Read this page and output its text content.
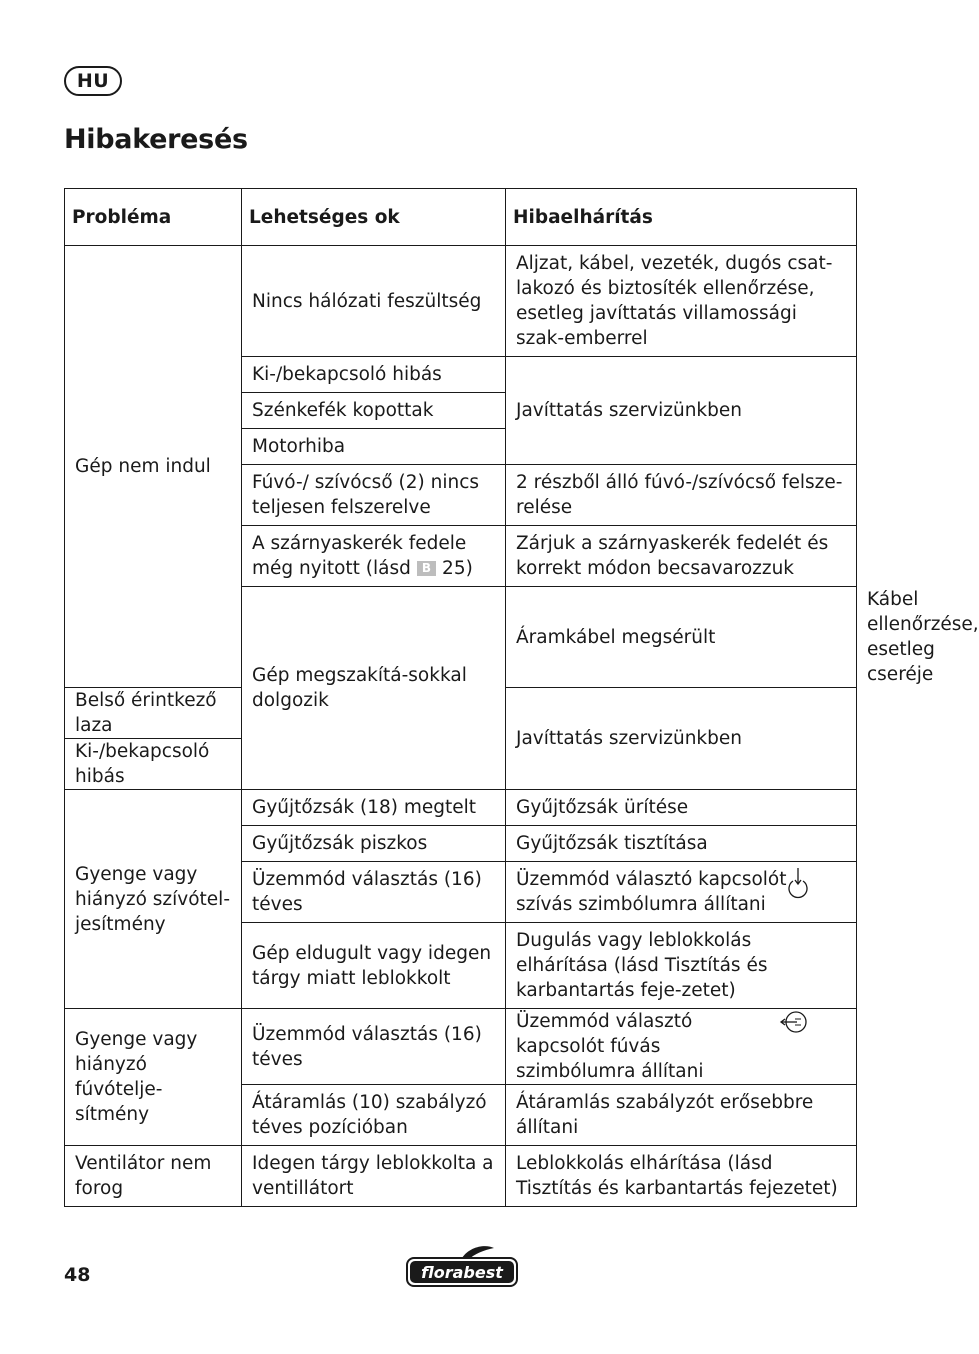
HU
Hibakeresés
Probléma	Lehetséges ok	Hibaelhárítás	
Gép nem indul	Nincs hálózati feszültség	Aljzat, kábel, vezeték, dugós csat-lakozó és biztosíték ellenőrzése, esetleg javíttatás villamossági szak-emberrel	
	Ki-/bekapcsoló hibás	Javíttatás szervizünkben	
	Szénkefék kopottak		
	Motorhiba		
	Fúvó-/ szívócső (2) nincs teljesen felszerelve	2 részből álló fúvó-/szívócső felsze-relése	
	A szárnyaskerék fedele még nyitott (lásd B 25)	Zárjuk a szárnyaskerék fedelét és korrekt módon becsavarozzuk	
	Gép megszakítá-sokkal dolgozik	Áramkábel megsérült	Kábel ellenőrzése, esetleg cseréje
Belső érintkező laza		Javíttatás szervizünkben	
Ki-/bekapcsoló hibás			
Gyenge vagy hiányzó szívótel-jesítmény	Gyűjtőzsák (18) megtelt	Gyűjtőzsák ürítése	
	Gyűjtőzsák piszkos	Gyűjtőzsák tisztítása	
	Üzemmód választás (16) téves	Üzemmód választó kapcsolót szívás szimbólumra állítani	
	Gép eldugult vagy idegen tárgy miatt leblokkolt	Dugulás vagy leblokkolás elhárítása (lásd Tisztítás és karbantartás feje-zetet)	
Gyenge vagy hiányzó fúvótelje-sítmény	Üzemmód választás (16) téves	Üzemmód választó kapcsolót fúvás szimbólumra állítani	
	Átáramlás (10) szabályzó téves pozícióban	Átáramlás szabályzót erősebbre állítani	
Ventilátor nem forog	Idegen tárgy leblokkolta a ventillátort	Leblokkolás elhárítása (lásd Tisztítás és karbantartás fejezetet)	
48	florabest
